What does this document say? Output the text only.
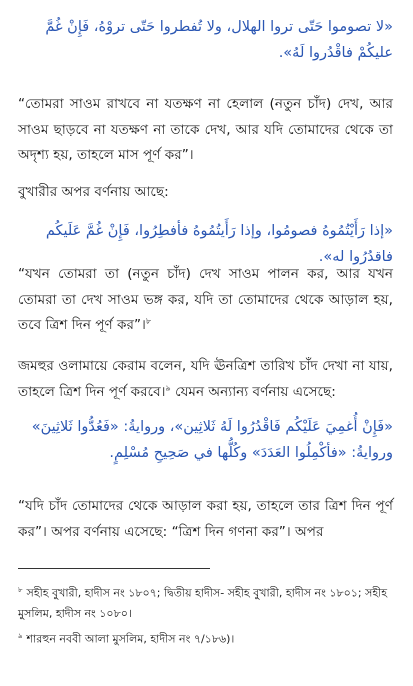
«لا تصوموا حَتّى تروا الهلال، ولا تُفطروا حَتّى تروْهُ، فَإِنْ غُمَّ عليكُمْ فاقْدُروا لَهُ».

“তোমরা সাওম রাখবে না যতক্ষণ না হেলাল (নতুন চাঁদ) দেখ, আর সাওম ছাড়বে না যতক্ষণ না তাকে দেখ, আর যদি তোমাদের থেকে তা অদৃশ্য হয়, তাহলে মাস পূর্ণ কর”।

বুখারীর অপর বর্ণনায় আছে:

«إذا رَأَيْتُمُوهُ فصومُوا، وإذا رَأَيتُمُوهُ فأفطِرُوا، فَإِنْ غُمَّ عَلَيكُم فاقدُرُوا له».

“যখন তোমরা তা (নতুন চাঁদ) দেখ সাওম পালন কর, আর যখন তোমরা তা দেখ সাওম ভঙ্গ কর, যদি তা তোমাদের থেকে আড়াল হয়, তবে ত্রিশ দিন পূর্ণ কর”।$^৮$

জমহুর ওলামায়ে কেরাম বলেন, যদি ঊনত্রিশ তারিখ চাঁদ দেখা না যায়, তাহলে ত্রিশ দিন পূর্ণ করবে।$^৯$ যেমন অন্যান্য বর্ণনায় এসেছে:

«فَإِنْ أُغمِيَ عَلَيْكُم فَاقْدُرُوا لَهُ ثَلاثِين»، وروايةُ: «فَعُدُّوا ثَلاثِينَ» وروايةُ: «فأكْمِلُوا العَدَدَ» وكُلُّها في صَحِيحِ مُسْلِمٍ.

“যদি চাঁদ তোমাদের থেকে আড়াল করা হয়, তাহলে তার ত্রিশ দিন পূর্ণ কর”। অপর বর্ণনায় এসেছে: “ত্রিশ দিন গণনা কর”। অপর

$^৮$ সহীহ বুখারী, হাদীস নং ১৮০৭; দ্বিতীয় হাদীস- সহীহ বুখারী, হাদীস নং ১৮০১; সহীহ মুসলিম, হাদীস নং ১০৮০।
$^৯$ শারহুন নববী আলা মুসলিম, হাদীস নং ৭/১৮৬)।
